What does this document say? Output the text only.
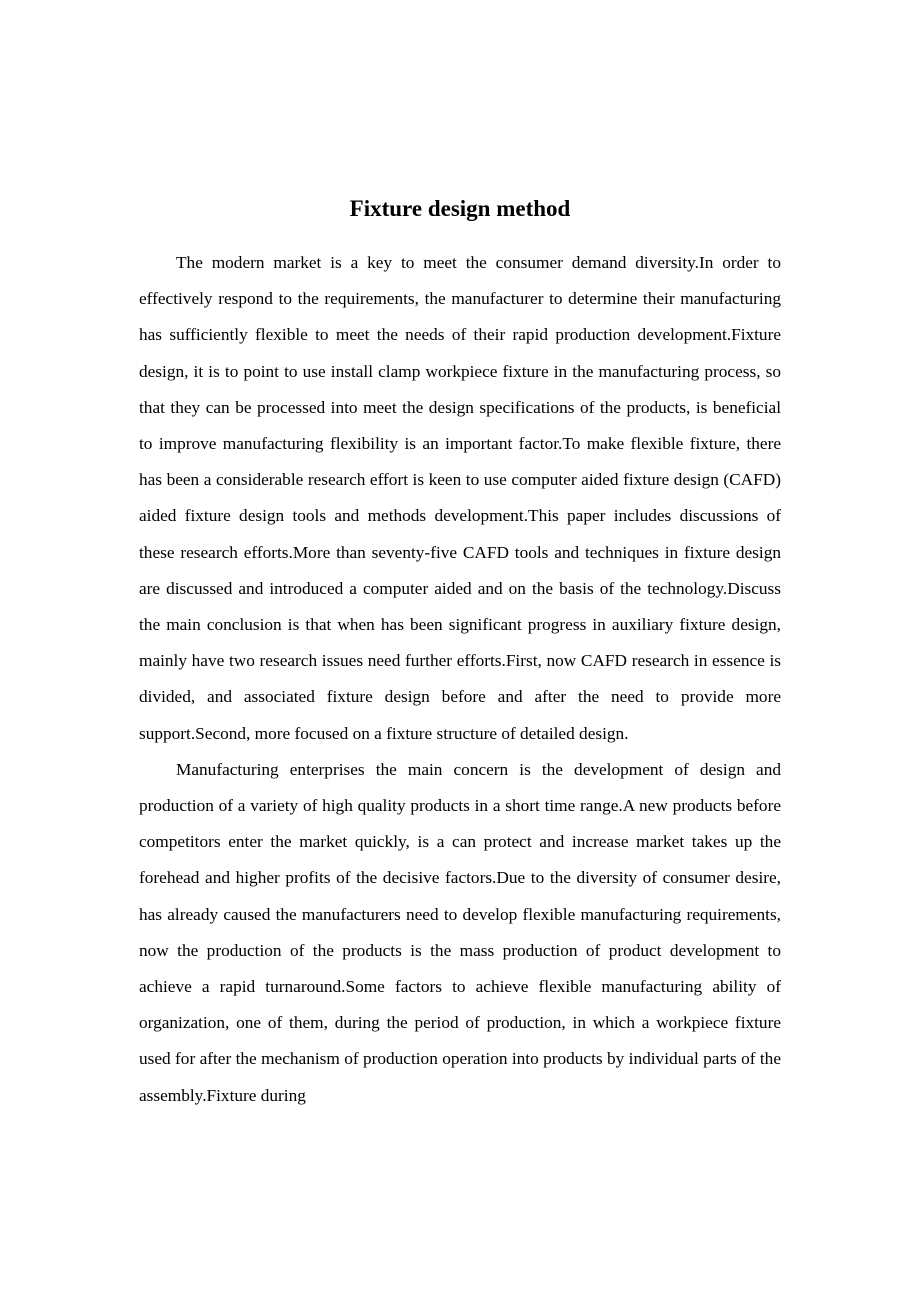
Fixture design method

The modern market is a key to meet the consumer demand diversity.In order to effectively respond to the requirements, the manufacturer to determine their manufacturing has sufficiently flexible to meet the needs of their rapid production development.Fixture design, it is to point to use install clamp workpiece fixture in the manufacturing process, so that they can be processed into meet the design specifications of the products, is beneficial to improve manufacturing flexibility is an important factor.To make flexible fixture, there has been a considerable research effort is keen to use computer aided fixture design (CAFD) aided fixture design tools and methods development.This paper includes discussions of these research efforts.More than seventy-five CAFD tools and techniques in fixture design are discussed and introduced a computer aided and on the basis of the technology.Discuss the main conclusion is that when has been significant progress in auxiliary fixture design, mainly have two research issues need further efforts.First, now CAFD research in essence is divided, and associated fixture design before and after the need to provide more support.Second, more focused on a fixture structure of detailed design.

Manufacturing enterprises the main concern is the development of design and production of a variety of high quality products in a short time range.A new products before competitors enter the market quickly, is a can protect and increase market takes up the forehead and higher profits of the decisive factors.Due to the diversity of consumer desire, has already caused the manufacturers need to develop flexible manufacturing requirements, now the production of the products is the mass production of product development to achieve a rapid turnaround.Some factors to achieve flexible manufacturing ability of organization, one of them, during the period of production, in which a workpiece fixture used for after the mechanism of production operation into products by individual parts of the assembly.Fixture during
